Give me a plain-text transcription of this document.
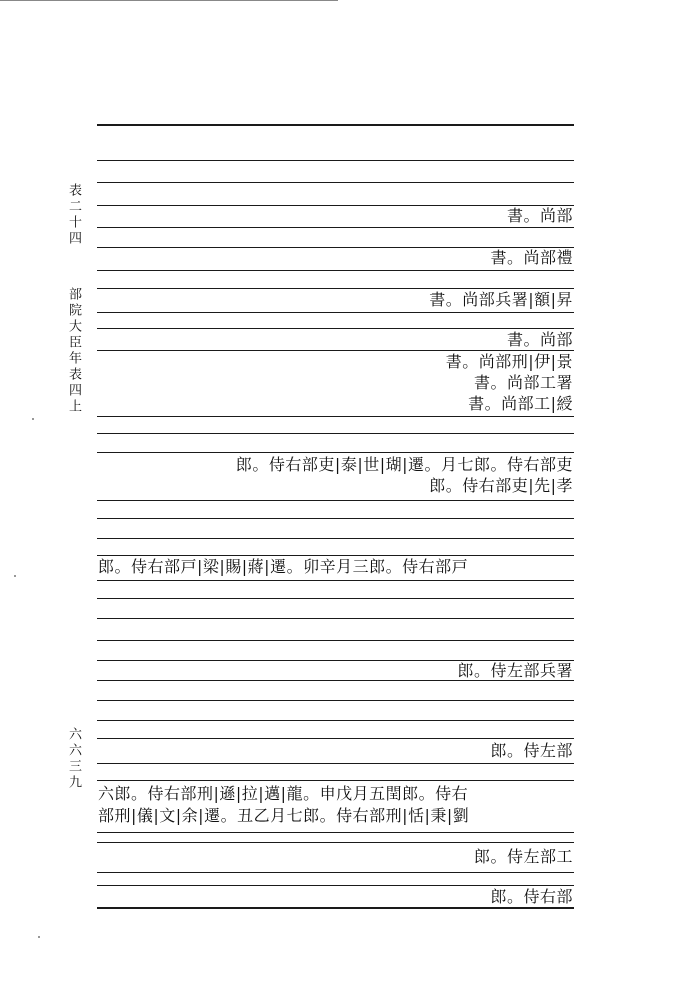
表二十四
部院大臣年表四上
六六三九
書。尚部
書。尚部禮
書。尚部兵署|額|昇
書。尚部
書。尚部刑|伊|景
書。尚部工署
書。尚部工|綬
郎。侍右部吏|泰|世|瑚|遷。月七郎。侍右部吏
郎。侍右部吏|先|孝
郎。侍右部戸|梁|賜|蔣|遷。卯辛月三郎。侍右部戸
郎。侍左部兵署
郎。侍左部
六郎。侍右部刑|遜|拉|邁|龍。申戊月五閏郎。侍右
部刑|儀|文|余|遷。丑乙月七郎。侍右部刑|恬|秉|劉
郎。侍左部工
郎。侍右部
